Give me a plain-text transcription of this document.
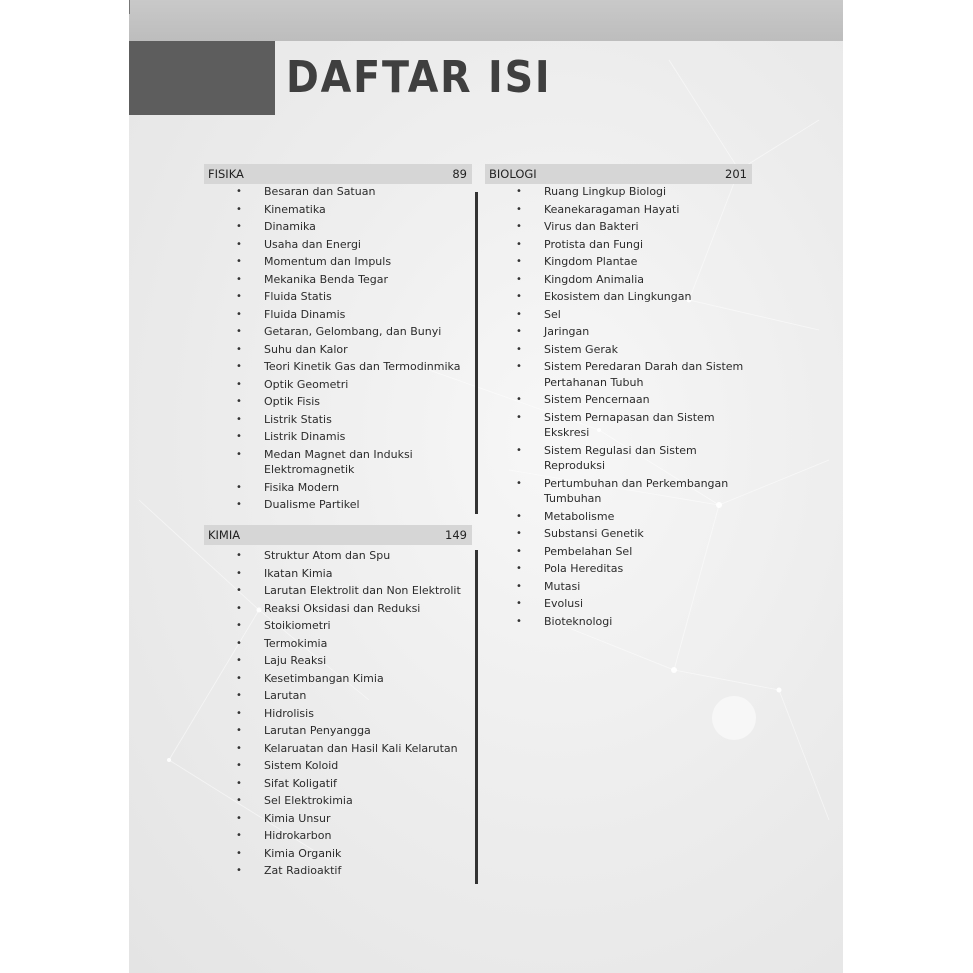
DAFTAR ISI
FISIKA	89
• Besaran dan Satuan
• Kinematika
• Dinamika
• Usaha dan Energi
• Momentum dan Impuls
• Mekanika Benda Tegar
• Fluida Statis
• Fluida Dinamis
• Getaran, Gelombang, dan Bunyi
• Suhu dan Kalor
• Teori Kinetik Gas dan Termodinmika
• Optik Geometri
• Optik Fisis
• Listrik Statis
• Listrik Dinamis
• Medan Magnet dan Induksi Elektromagnetik
• Fisika Modern
• Dualisme Partikel
KIMIA	149
• Struktur Atom dan Spu
• Ikatan Kimia
• Larutan Elektrolit dan Non Elektrolit
• Reaksi Oksidasi dan Reduksi
• Stoikiometri
• Termokimia
• Laju Reaksi
• Kesetimbangan Kimia
• Larutan
• Hidrolisis
• Larutan Penyangga
• Kelaruatan dan Hasil Kali Kelarutan
• Sistem Koloid
• Sifat Koligatif
• Sel Elektrokimia
• Kimia Unsur
• Hidrokarbon
• Kimia Organik
• Zat Radioaktif
BIOLOGI	201
• Ruang Lingkup Biologi
• Keanekaragaman Hayati
• Virus dan Bakteri
• Protista dan Fungi
• Kingdom Plantae
• Kingdom Animalia
• Ekosistem dan Lingkungan
• Sel
• Jaringan
• Sistem Gerak
• Sistem Peredaran Darah dan Sistem Pertahanan Tubuh
• Sistem Pencernaan
• Sistem Pernapasan dan Sistem Ekskresi
• Sistem Regulasi dan Sistem Reproduksi
• Pertumbuhan dan Perkembangan Tumbuhan
• Metabolisme
• Substansi Genetik
• Pembelahan Sel
• Pola Hereditas
• Mutasi
• Evolusi
• Bioteknologi
